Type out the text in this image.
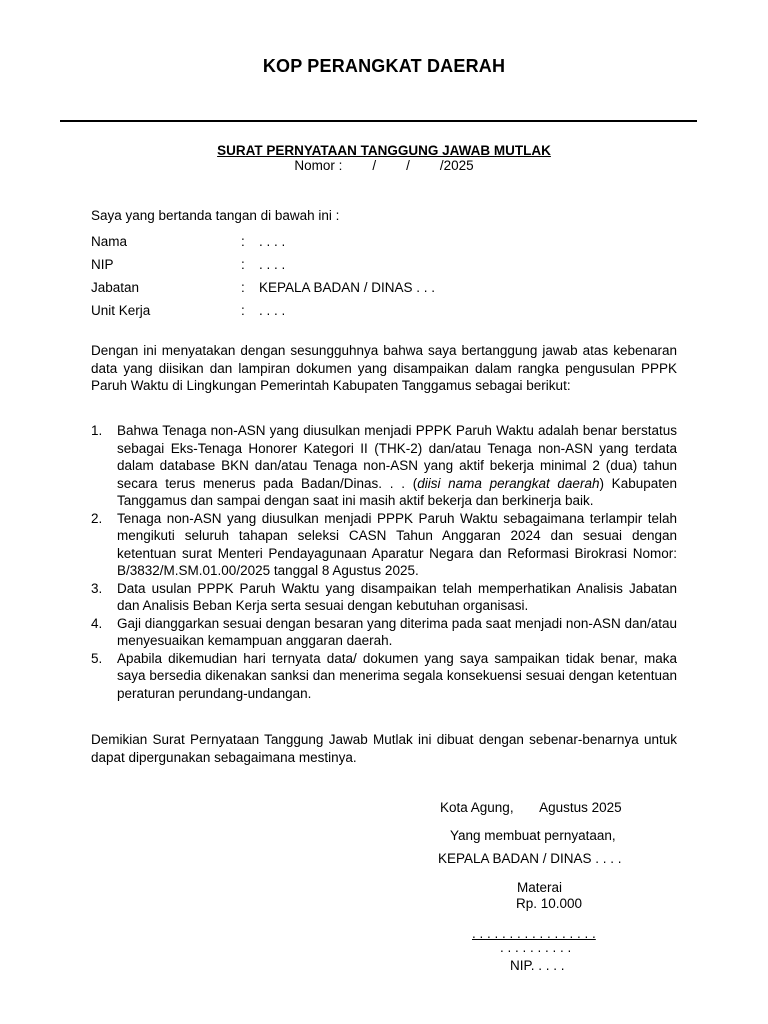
KOP PERANGKAT DAERAH
SURAT PERNYATAAN TANGGUNG JAWAB MUTLAK
Nomor :        /        /        /2025
Saya yang bertanda tangan di bawah ini :
Nama	: . . . .
NIP	: . . . .
Jabatan	: KEPALA BADAN / DINAS . . .
Unit Kerja	: . . . .
Dengan ini menyatakan dengan sesungguhnya bahwa saya bertanggung jawab atas kebenaran data yang diisikan dan lampiran dokumen yang disampaikan dalam rangka pengusulan PPPK Paruh Waktu di Lingkungan Pemerintah Kabupaten Tanggamus sebagai berikut:
1.	Bahwa Tenaga non-ASN yang diusulkan menjadi PPPK Paruh Waktu adalah benar berstatus sebagai Eks-Tenaga Honorer Kategori II (THK-2) dan/atau Tenaga non-ASN yang terdata dalam database BKN dan/atau Tenaga non-ASN yang aktif bekerja minimal 2 (dua) tahun secara terus menerus pada Badan/Dinas. . . (diisi nama perangkat daerah) Kabupaten Tanggamus dan sampai dengan saat ini masih aktif bekerja dan berkinerja baik.
2.	Tenaga non-ASN yang diusulkan menjadi PPPK Paruh Waktu sebagaimana terlampir telah mengikuti seluruh tahapan seleksi CASN Tahun Anggaran 2024 dan sesuai dengan ketentuan surat Menteri Pendayagunaan Aparatur Negara dan Reformasi Birokrasi Nomor: B/3832/M.SM.01.00/2025 tanggal 8 Agustus 2025.
3.	Data usulan PPPK Paruh Waktu yang disampaikan telah memperhatikan Analisis Jabatan dan Analisis Beban Kerja serta sesuai dengan kebutuhan organisasi.
4.	Gaji dianggarkan sesuai dengan besaran yang diterima pada saat menjadi non-ASN dan/atau menyesuaikan kemampuan anggaran daerah.
5.	Apabila dikemudian hari ternyata data/ dokumen yang saya sampaikan tidak benar, maka saya bersedia dikenakan sanksi dan menerima segala konsekuensi sesuai dengan ketentuan peraturan perundang-undangan.
Demikian Surat Pernyataan Tanggung Jawab Mutlak ini dibuat dengan sebenar-benarnya untuk dapat dipergunakan sebagaimana mestinya.
Kota Agung,       Agustus 2025
Yang membuat pernyataan,
KEPALA BADAN / DINAS . . . .
Materai
Rp. 10.000
. . . . . . . . . . . . . . . . .
. . . . . . . . . .
NIP. . . . .
